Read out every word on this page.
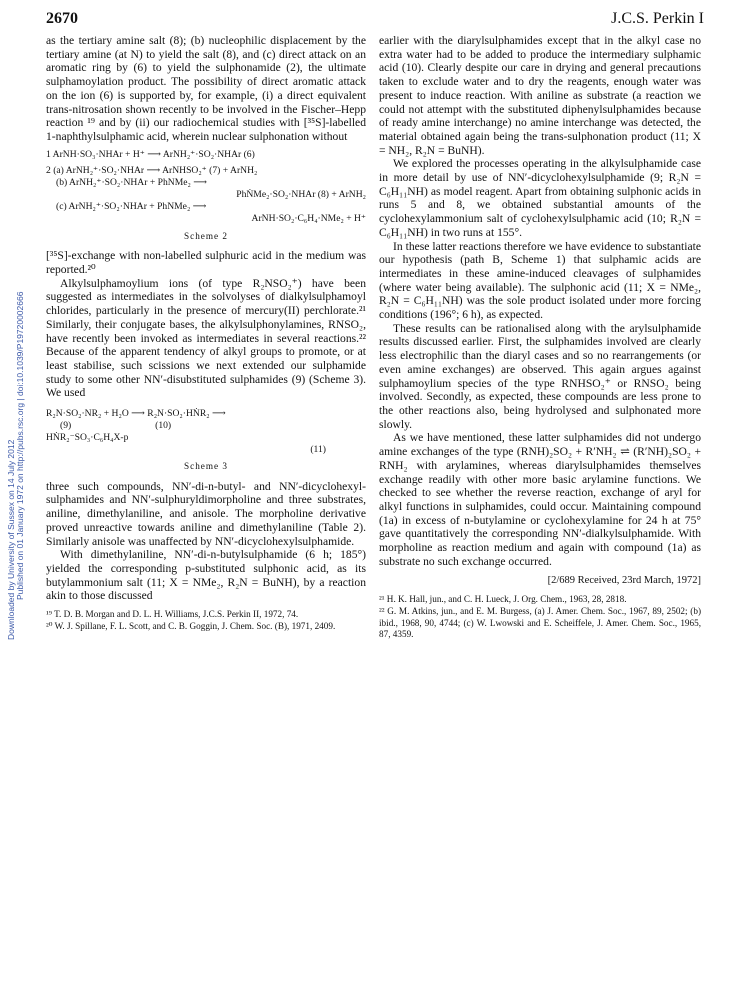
Downloaded by University of Sussex on 14 July 2012 Published on 01 January 1972 on http://pubs.rsc.org | doi:10.1039/P19720002666
2670	J.C.S. Perkin I

as the tertiary amine salt (8); (b) nucleophilic displacement by the tertiary amine (at N) to yield the salt (8), and (c) direct attack on an aromatic ring by (6) to yield the sulphonamide (2), the ultimate sulphamoylation product. The possibility of direct aromatic attack on the ion (6) is supported by, for example, (i) a direct equivalent trans-nitrosation shown recently to be involved in the Fischer–Hepp reaction ¹⁹ and by (ii) our radiochemical studies with [³⁵S]-labelled 1-naphthylsulphamic acid, wherein nuclear sulphonation without

1 ArNH·SO₃·NHAr + H⁺ ⟶ ArNH₂⁺·SO₂·NHAr (6)
2 (a) ArNH₂⁺·SO₂·NHAr ⟶ ArNHSO₂⁺ (7) + ArNH₂
(b) ArNH₂⁺·SO₂·NHAr + PhNMe₂ ⟶
PhṄMe₂·SO₂·NHAr (8) + ArNH₂
(c) ArNH₂⁺·SO₂·NHAr + PhNMe₂ ⟶
ArNH·SO₂·C₆H₄·NMe₂ + H⁺
Scheme 2

[³⁵S]-exchange with non-labelled sulphuric acid in the medium was reported.²⁰

Alkylsulphamoylium ions (of type R₂NSO₂⁺) have been suggested as intermediates in the solvolyses of dialkylsulphamoyl chlorides, particularly in the presence of mercury(II) perchlorate.²¹ Similarly, their conjugate bases, the alkylsulphonylamines, RNSO₂, have recently been invoked as intermediates in several reactions.²² Because of the apparent tendency of alkyl groups to promote, or at least stabilise, such scissions we next extended our sulphamide study to some other NN′-disubstituted sulphamides (9) (Scheme 3). We used

R₂N·SO₂·NR₂ + H₂O ⟶ R₂N·SO₂·HṄR₂ ⟶
(9)                                   (10)
HṄR₂⁻SO₃·C₆H₄X-p
(11)
Scheme 3

three such compounds, NN′-di-n-butyl- and NN′-dicyclohexyl-sulphamides and NN′-sulphuryldimorpholine and three substrates, aniline, dimethylaniline, and anisole. The morpholine derivative proved unreactive towards aniline and dimethylaniline (Table 2). Similarly anisole was unaffected by NN′-dicyclohexylsulphamide.

With dimethylaniline, NN′-di-n-butylsulphamide (6 h; 185°) yielded the corresponding p-substituted sulphonic acid, as its butylammonium salt (11; X = NMe₂, R₂N = BuNH), by a reaction akin to those discussed

¹⁹ T. D. B. Morgan and D. L. H. Williams, J.C.S. Perkin II, 1972, 74.
²⁰ W. J. Spillane, F. L. Scott, and C. B. Goggin, J. Chem. Soc. (B), 1971, 2409.

earlier with the diarylsulphamides except that in the alkyl case no extra water had to be added to produce the intermediary sulphamic acid (10). Clearly despite our care in drying and general precautions taken to exclude water and to dry the reagents, enough water was present to induce reaction. With aniline as substrate (a reaction we could not attempt with the substituted diphenylsulphamides because of ready amine interchange) no amine interchange was detected, the material obtained again being the trans-sulphonation product (11; X = NH₂, R₂N = BuNH).

We explored the processes operating in the alkylsulphamide case in more detail by use of NN′-dicyclohexylsulphamide (9; R₂N = C₆H₁₁NH) as model reagent. Apart from obtaining sulphonic acids in runs 5 and 8, we obtained substantial amounts of the cyclohexylammonium salt of cyclohexylsulphamic acid (10; R₂N = C₆H₁₁NH) in two runs at 155°.

In these latter reactions therefore we have evidence to substantiate our hypothesis (path B, Scheme 1) that sulphamic acids are intermediates in these amine-induced cleavages of sulphamides (where water being available). The sulphonic acid (11; X = NMe₂, R₂N = C₆H₁₁NH) was the sole product isolated under more forcing conditions (196°; 6 h), as expected.

These results can be rationalised along with the arylsulphamide results discussed earlier. First, the sulphamides involved are clearly less electrophilic than the diaryl cases and so no rearrangements (or even amine exchanges) are observed. This again argues against sulphamoylium species of the type RNHSO₂⁺ or RNSO₂ being involved. Secondly, as expected, these compounds are less prone to the other reactions also, being hydrolysed and sulphonated more slowly.

As we have mentioned, these latter sulphamides did not undergo amine exchanges of the type (RNH)₂SO₂ + R′NH₂ ⇌ (R′NH)₂SO₂ + RNH₂ with arylamines, whereas diarylsulphamides themselves exchange readily with other more basic arylamine functions. We checked to see whether the reverse reaction, exchange of aryl for alkyl functions in sulphamides, could occur. Maintaining compound (1a) in excess of n-butylamine or cyclohexylamine for 24 h at 75° gave quantitatively the corresponding NN′-dialkylsulphamide. With morpholine as reaction medium and again with compound (1a) as substrate no such exchange occurred.

[2/689 Received, 23rd March, 1972]
²¹ H. K. Hall, jun., and C. H. Lueck, J. Org. Chem., 1963, 28, 2818.
²² G. M. Atkins, jun., and E. M. Burgess, (a) J. Amer. Chem. Soc., 1967, 89, 2502; (b) ibid., 1968, 90, 4744; (c) W. Lwowski and E. Scheiffele, J. Amer. Chem. Soc., 1965, 87, 4359.
